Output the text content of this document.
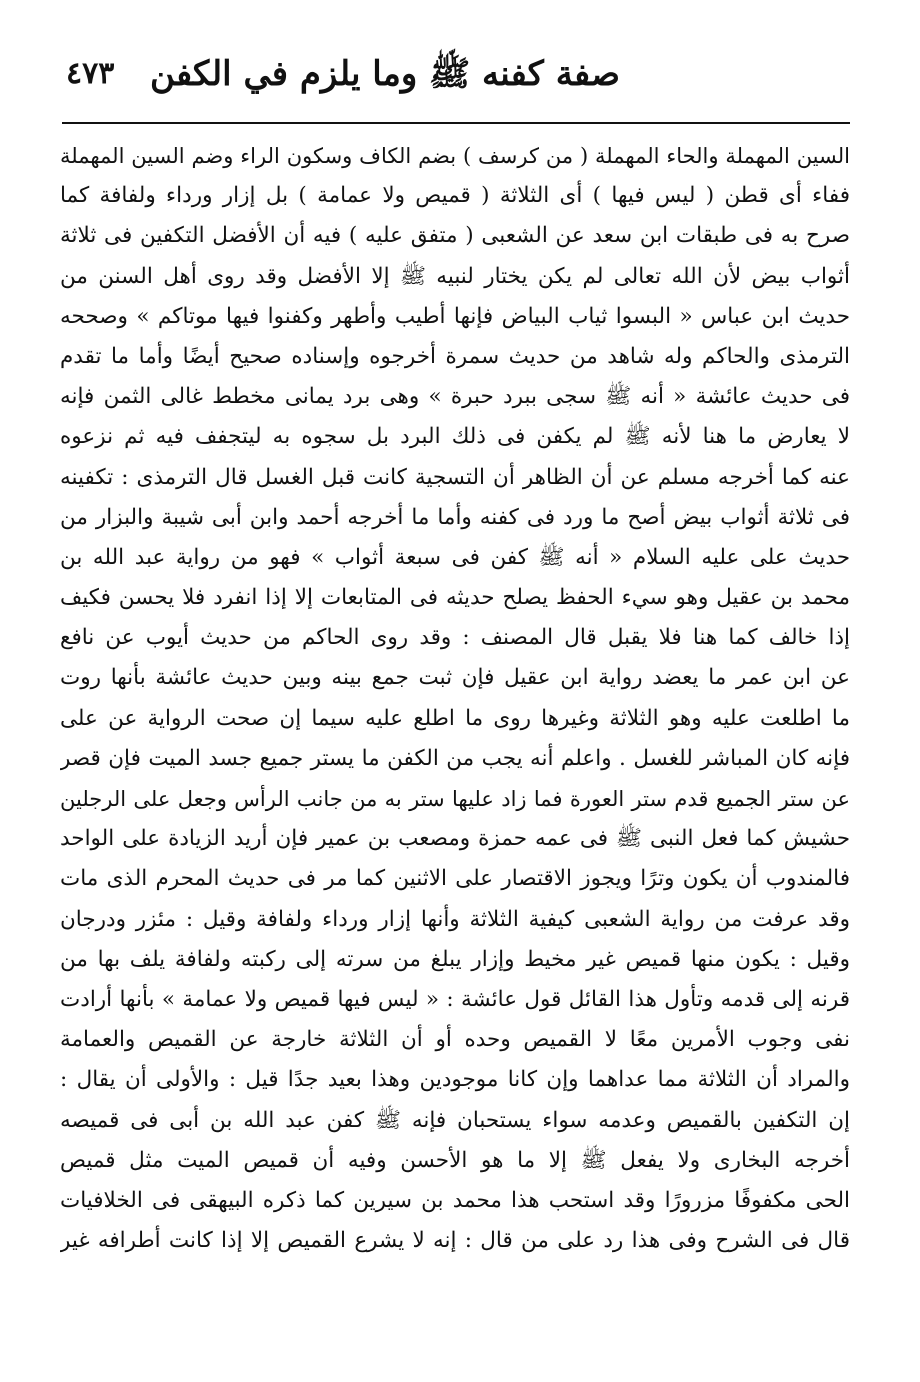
صفة كفنه ﷺ وما يلزم في الكفن
٤٧٣
السين المهملة والحاء المهملة ( من كرسف ) بضم الكاف وسكون الراء وضم السين المهملة
ففاء أى قطن ( ليس فيها ) أى الثلاثة ( قميص ولا عمامة ) بل إزار ورداء ولفافة كما
صرح به فى طبقات ابن سعد عن الشعبى ( متفق عليه ) فيه أن الأفضل التكفين فى ثلاثة
أثواب بيض لأن الله تعالى لم يكن يختار لنبيه ﷺ إلا الأفضل وقد روى أهل السنن من
حديث ابن عباس « البسوا ثياب البياض فإنها أطيب وأطهر وكفنوا فيها موتاكم » وصححه
الترمذى والحاكم وله شاهد من حديث سمرة أخرجوه وإسناده صحيح أيضًا وأما ما تقدم
فى حديث عائشة « أنه ﷺ سجى ببرد حبرة » وهى برد يمانى مخطط غالى الثمن فإنه
لا يعارض ما هنا لأنه ﷺ لم يكفن فى ذلك البرد بل سجوه به ليتجفف فيه ثم نزعوه
عنه كما أخرجه مسلم عن أن الظاهر أن التسجية كانت قبل الغسل قال الترمذى : تكفينه
فى ثلاثة أثواب بيض أصح ما ورد فى كفنه وأما ما أخرجه أحمد وابن أبى شيبة والبزار من
حديث على عليه السلام « أنه ﷺ كفن فى سبعة أثواب » فهو من رواية عبد الله بن
محمد بن عقيل وهو سيء الحفظ يصلح حديثه فى المتابعات إلا إذا انفرد فلا يحسن فكيف
إذا خالف كما هنا فلا يقبل قال المصنف : وقد روى الحاكم من حديث أيوب عن نافع
عن ابن عمر ما يعضد رواية ابن عقيل فإن ثبت جمع بينه وبين حديث عائشة بأنها روت
ما اطلعت عليه وهو الثلاثة وغيرها روى ما اطلع عليه سيما إن صحت الرواية عن على
فإنه كان المباشر للغسل . واعلم أنه يجب من الكفن ما يستر جميع جسد الميت فإن قصر
عن ستر الجميع قدم ستر العورة فما زاد عليها ستر به من جانب الرأس وجعل على الرجلين
حشيش كما فعل النبى ﷺ فى عمه حمزة ومصعب بن عمير فإن أريد الزيادة على الواحد
فالمندوب أن يكون وترًا ويجوز الاقتصار على الاثنين كما مر فى حديث المحرم الذى مات
وقد عرفت من رواية الشعبى كيفية الثلاثة وأنها إزار ورداء ولفافة وقيل : مئزر ودرجان
وقيل : يكون منها قميص غير مخيط وإزار يبلغ من سرته إلى ركبته ولفافة يلف بها من
قرنه إلى قدمه وتأول هذا القائل قول عائشة : « ليس فيها قميص ولا عمامة » بأنها أرادت
نفى وجوب الأمرين معًا لا القميص وحده أو أن الثلاثة خارجة عن القميص والعمامة
والمراد أن الثلاثة مما عداهما وإن كانا موجودين وهذا بعيد جدًا قيل : والأولى أن يقال :
إن التكفين بالقميص وعدمه سواء يستحبان فإنه ﷺ كفن عبد الله بن أبى فى قميصه
أخرجه البخارى ولا يفعل ﷺ إلا ما هو الأحسن وفيه أن قميص الميت مثل قميص
الحى مكفوفًا مزرورًا وقد استحب هذا محمد بن سيرين كما ذكره البيهقى فى الخلافيات
قال فى الشرح وفى هذا رد على من قال : إنه لا يشرع القميص إلا إذا كانت أطرافه غير
